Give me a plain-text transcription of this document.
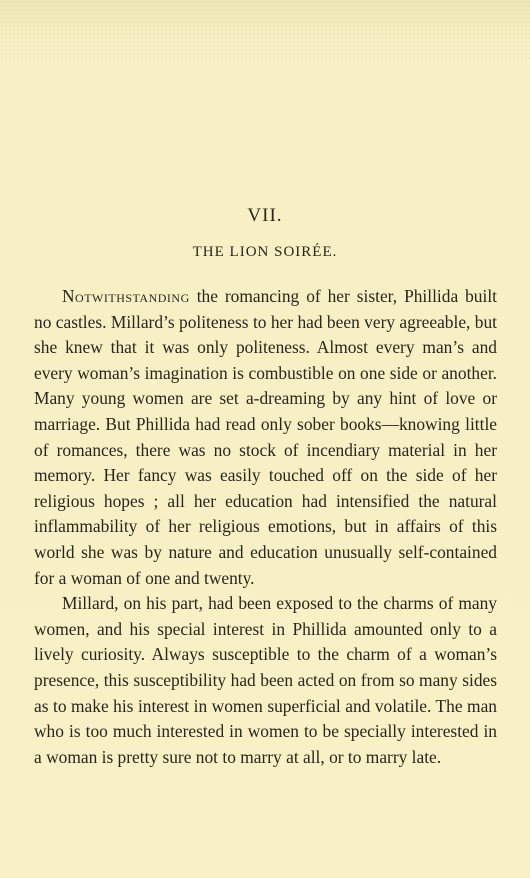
VII.
THE LION SOIRÉE.

Notwithstanding the romancing of her sister, Phillida built no castles. Millard’s politeness to her had been very agreeable, but she knew that it was only politeness. Almost every man’s and every woman’s imagination is combustible on one side or another. Many young women are set a-dreaming by any hint of love or marriage. But Phillida had read only sober books—knowing little of romances, there was no stock of incendiary material in her memory. Her fancy was easily touched off on the side of her religious hopes ; all her education had intensified the natural inflammability of her religious emotions, but in affairs of this world she was by nature and education unusually self-contained for a woman of one and twenty.

Millard, on his part, had been exposed to the charms of many women, and his special interest in Phillida amounted only to a lively curiosity. Always susceptible to the charm of a woman’s presence, this susceptibility had been acted on from so many sides as to make his interest in women superficial and volatile. The man who is too much interested in women to be specially interested in a woman is pretty sure not to marry at all, or to marry late.
